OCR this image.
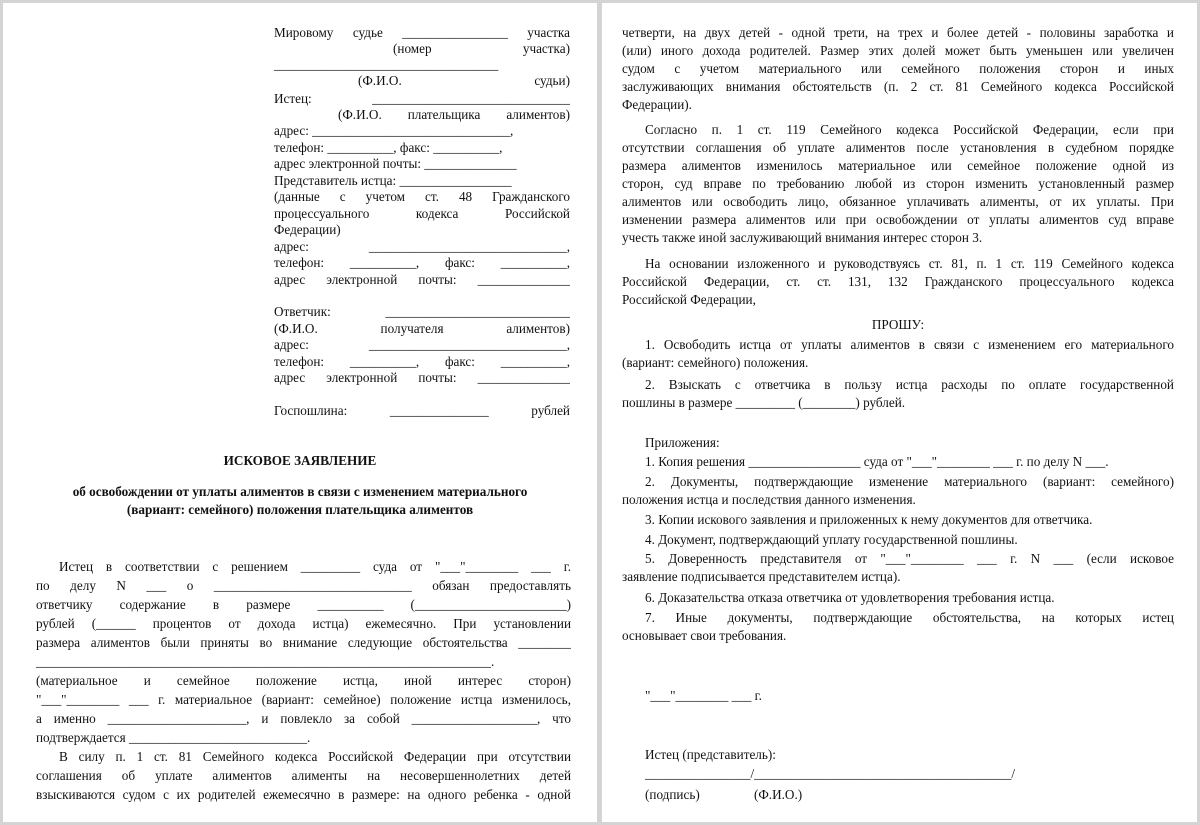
Мировому судье ________________ участка
(номер участка)
__________________________________
(Ф.И.О. судьи)
Истец: ______________________________
(Ф.И.О. плательщика алиментов)
адрес: ______________________________,
телефон: __________, факс: __________,
адрес электронной почты: ______________
Представитель истца: _________________
(данные с учетом ст. 48 Гражданского
процессуального кодекса Российской
Федерации)
адрес: ______________________________,
телефон: __________, факс: __________,
адрес электронной почты: ______________
Ответчик: ____________________________
(Ф.И.О. получателя алиментов)
адрес: ______________________________,
телефон: __________, факс: __________,
адрес электронной почты: ______________
Госпошлина: _______________ рублей
ИСКОВОЕ ЗАЯВЛЕНИЕ
об освобождении от уплаты алиментов в связи с изменением материального
(вариант: семейного) положения плательщика алиментов
Истец в соответствии с решением _________ суда от "___"________ ___ г.
по делу N ___ о ______________________________ обязан предоставлять
ответчику содержание в размере __________ (_______________________)
рублей (______ процентов от дохода истца) ежемесячно. При установлении
размера алиментов были приняты во внимание следующие обстоятельства ________
_____________________________________________________________________.
(материальное и семейное положение истца, иной интерес сторон)
"___"________ ___ г. материальное (вариант: семейное) положение истца изменилось,
а именно _____________________, и повлекло за собой ___________________, что
подтверждается ___________________________.
В силу п. 1 ст. 81 Семейного кодекса Российской Федерации при отсутствии
соглашения об уплате алиментов алименты на несовершеннолетних детей
взыскиваются судом с их родителей ежемесячно в размере: на одного ребенка - одной
четверти, на двух детей - одной трети, на трех и более детей - половины заработка и
(или) иного дохода родителей. Размер этих долей может быть уменьшен или увеличен
судом с учетом материального или семейного положения сторон и иных
заслуживающих внимания обстоятельств (п. 2 ст. 81 Семейного кодекса Российской
Федерации).
Согласно п. 1 ст. 119 Семейного кодекса Российской Федерации, если при
отсутствии соглашения об уплате алиментов после установления в судебном порядке
размера алиментов изменилось материальное или семейное положение одной из
сторон, суд вправе по требованию любой из сторон изменить установленный размер
алиментов или освободить лицо, обязанное уплачивать алименты, от их уплаты. При
изменении размера алиментов или при освобождении от уплаты алиментов суд вправе
учесть также иной заслуживающий внимания интерес сторон 3.
На основании изложенного и руководствуясь ст. 81, п. 1 ст. 119 Семейного кодекса
Российской Федерации, ст. ст. 131, 132 Гражданского процессуального кодекса
Российской Федерации,
ПРОШУ:
1. Освободить истца от уплаты алиментов в связи с изменением его материального
(вариант: семейного) положения.
2. Взыскать с ответчика в пользу истца расходы по оплате государственной
пошлины в размере _________ (________) рублей.
Приложения:
1. Копия решения _________________ суда от "___"________ ___ г. по делу N ___.
2. Документы, подтверждающие изменение материального (вариант: семейного)
положения истца и последствия данного изменения.
3. Копии искового заявления и приложенных к нему документов для ответчика.
4. Документ, подтверждающий уплату государственной пошлины.
5. Доверенность представителя от "___"________ ___ г. N ___ (если исковое
заявление подписывается представителем истца).
6. Доказательства отказа ответчика от удовлетворения требования истца.
7. Иные документы, подтверждающие обстоятельства, на которых истец
основывает свои требования.
"___"________ ___ г.
Истец (представитель):
________________/_______________________________________/
(подпись)	(Ф.И.О.)
